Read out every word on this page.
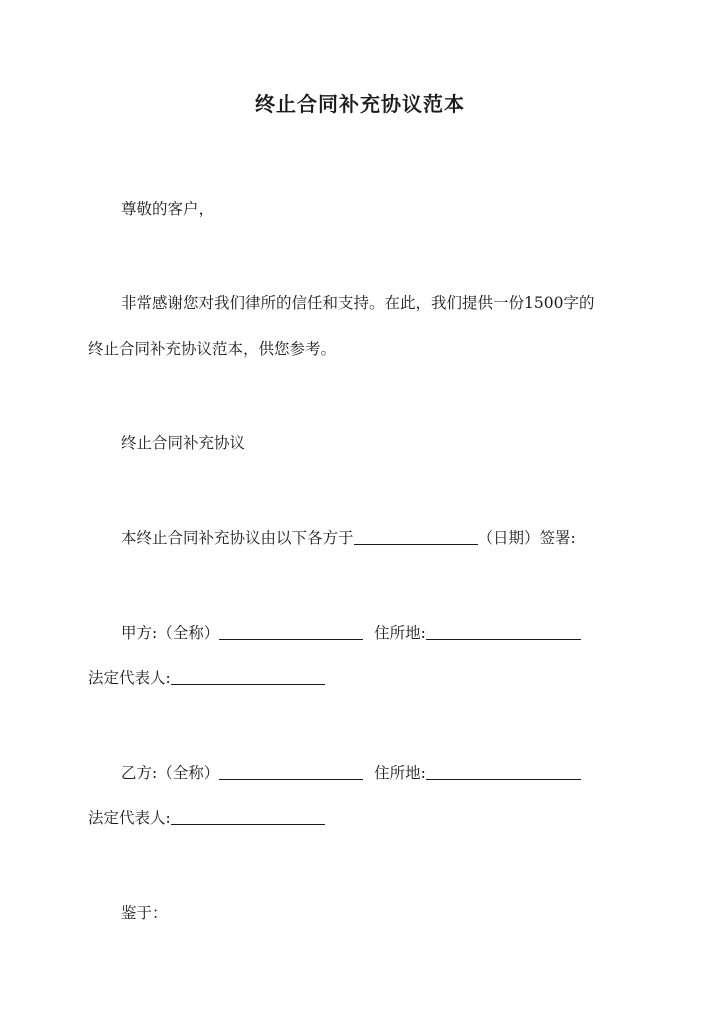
终止合同补充协议范本
尊敬的客户，
非常感谢您对我们律所的信任和支持。在此，我们提供一份1500字的
终止合同补充协议范本，供您参考。
终止合同补充协议
本终止合同补充协议由以下各方于	（日期）签署:
甲方:（全称）	住所地:
法定代表人:
乙方:（全称）	住所地:
法定代表人:
鉴于：
